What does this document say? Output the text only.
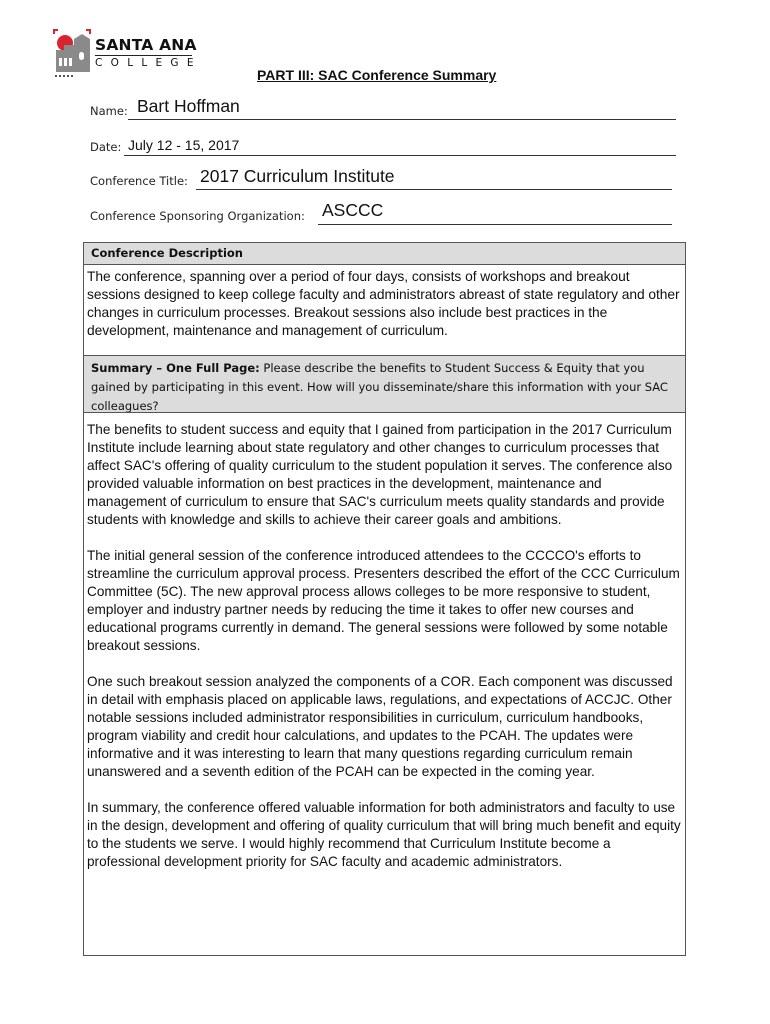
SANTA ANA
COLLEGE
PART III: SAC Conference Summary
Name: Bart Hoffman
Date: July 12 - 15, 2017
Conference Title: 2017 Curriculum Institute
Conference Sponsoring Organization: ASCCC
Conference Description

The conference, spanning over a period of four days, consists of workshops and breakout sessions designed to keep college faculty and administrators abreast of state regulatory and other changes in curriculum processes. Breakout sessions also include best practices in the development, maintenance and management of curriculum.

Summary – One Full Page: Please describe the benefits to Student Success & Equity that you gained by participating in this event. How will you disseminate/share this information with your SAC colleagues?

The benefits to student success and equity that I gained from participation in the 2017 Curriculum Institute include learning about state regulatory and other changes to curriculum processes that affect SAC's offering of quality curriculum to the student population it serves. The conference also provided valuable information on best practices in the development, maintenance and management of curriculum to ensure that SAC's curriculum meets quality standards and provide students with knowledge and skills to achieve their career goals and ambitions.

The initial general session of the conference introduced attendees to the CCCCO's efforts to streamline the curriculum approval process. Presenters described the effort of the CCC Curriculum Committee (5C). The new approval process allows colleges to be more responsive to student, employer and industry partner needs by reducing the time it takes to offer new courses and educational programs currently in demand. The general sessions were followed by some notable breakout sessions.

One such breakout session analyzed the components of a COR. Each component was discussed in detail with emphasis placed on applicable laws, regulations, and expectations of ACCJC. Other notable sessions included administrator responsibilities in curriculum, curriculum handbooks, program viability and credit hour calculations, and updates to the PCAH. The updates were informative and it was interesting to learn that many questions regarding curriculum remain unanswered and a seventh edition of the PCAH can be expected in the coming year.

In summary, the conference offered valuable information for both administrators and faculty to use in the design, development and offering of quality curriculum that will bring much benefit and equity to the students we serve. I would highly recommend that Curriculum Institute become a professional development priority for SAC faculty and academic administrators.
